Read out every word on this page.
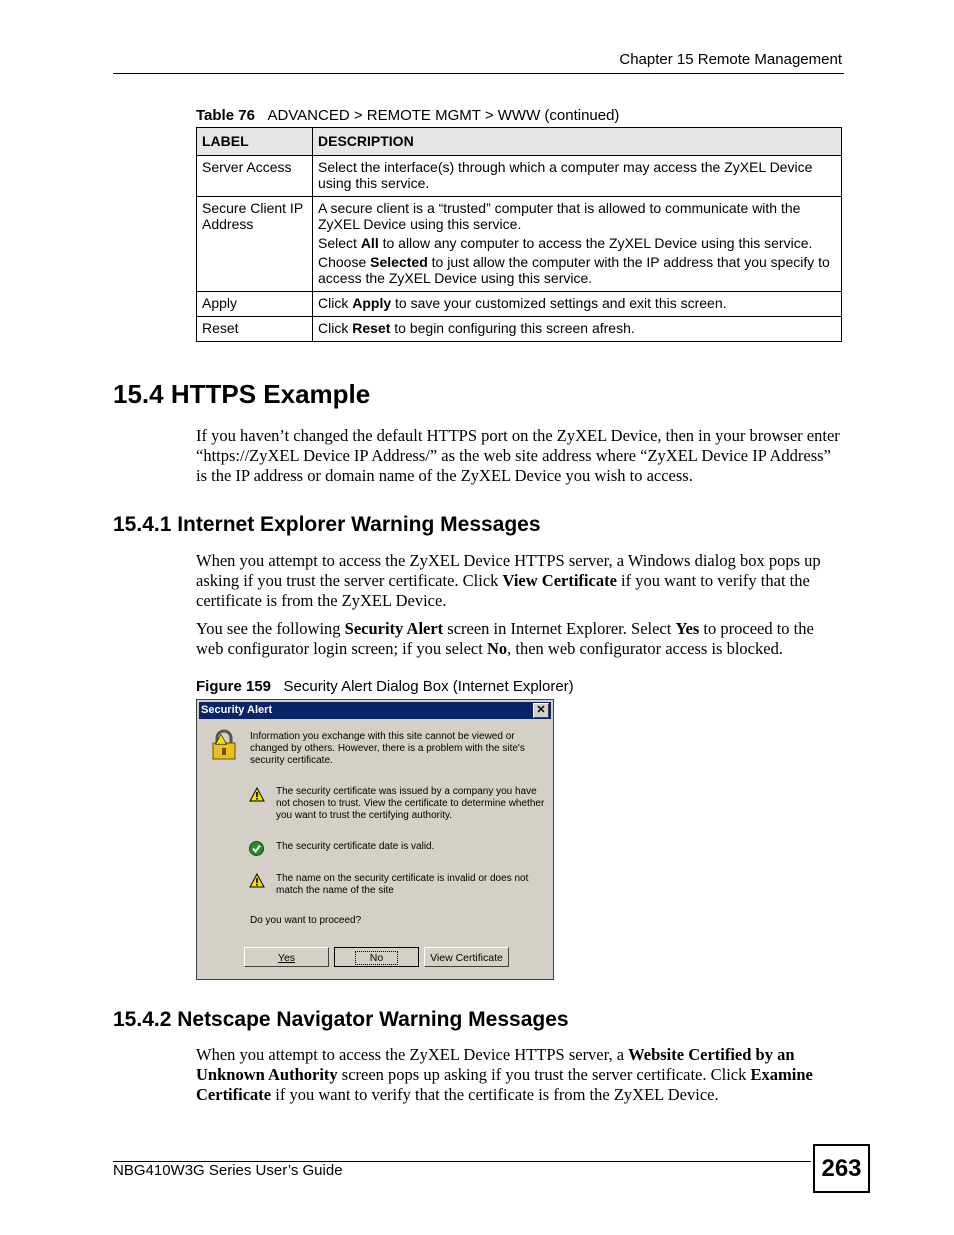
Chapter 15 Remote Management
Table 76 ADVANCED > REMOTE MGMT > WWW (continued)
LABEL	DESCRIPTION
Server Access	Select the interface(s) through which a computer may access the ZyXEL Device using this service.

Secure Client IP Address	A secure client is a “trusted” computer that is allowed to communicate with the ZyXEL Device using this service.

Select All to allow any computer to access the ZyXEL Device using this service.

Choose Selected to just allow the computer with the IP address that you specify to access the ZyXEL Device using this service.

Apply	Click Apply to save your customized settings and exit this screen.

Reset	Click Reset to begin configuring this screen afresh.

15.4 HTTPS Example

If you haven’t changed the default HTTPS port on the ZyXEL Device, then in your browser enter “https://ZyXEL Device IP Address/” as the web site address where “ZyXEL Device IP Address” is the IP address or domain name of the ZyXEL Device you wish to access.

15.4.1 Internet Explorer Warning Messages

When you attempt to access the ZyXEL Device HTTPS server, a Windows dialog box pops up asking if you trust the server certificate. Click View Certificate if you want to verify that the certificate is from the ZyXEL Device.

You see the following Security Alert screen in Internet Explorer. Select Yes to proceed to the web configurator login screen; if you select No, then web configurator access is blocked.

Figure 159 Security Alert Dialog Box (Internet Explorer)
Security Alert	✕
Information you exchange with this site cannot be viewed or changed by others. However, there is a problem with the site's security certificate.
The security certificate was issued by a company you have not chosen to trust. View the certificate to determine whether you want to trust the certifying authority.
The security certificate date is valid.
The name on the security certificate is invalid or does not match the name of the site
Do you want to proceed?
Yes	No	View Certificate
15.4.2 Netscape Navigator Warning Messages

When you attempt to access the ZyXEL Device HTTPS server, a Website Certified by an Unknown Authority screen pops up asking if you trust the server certificate. Click Examine Certificate if you want to verify that the certificate is from the ZyXEL Device.

NBG410W3G Series User’s Guide	263
